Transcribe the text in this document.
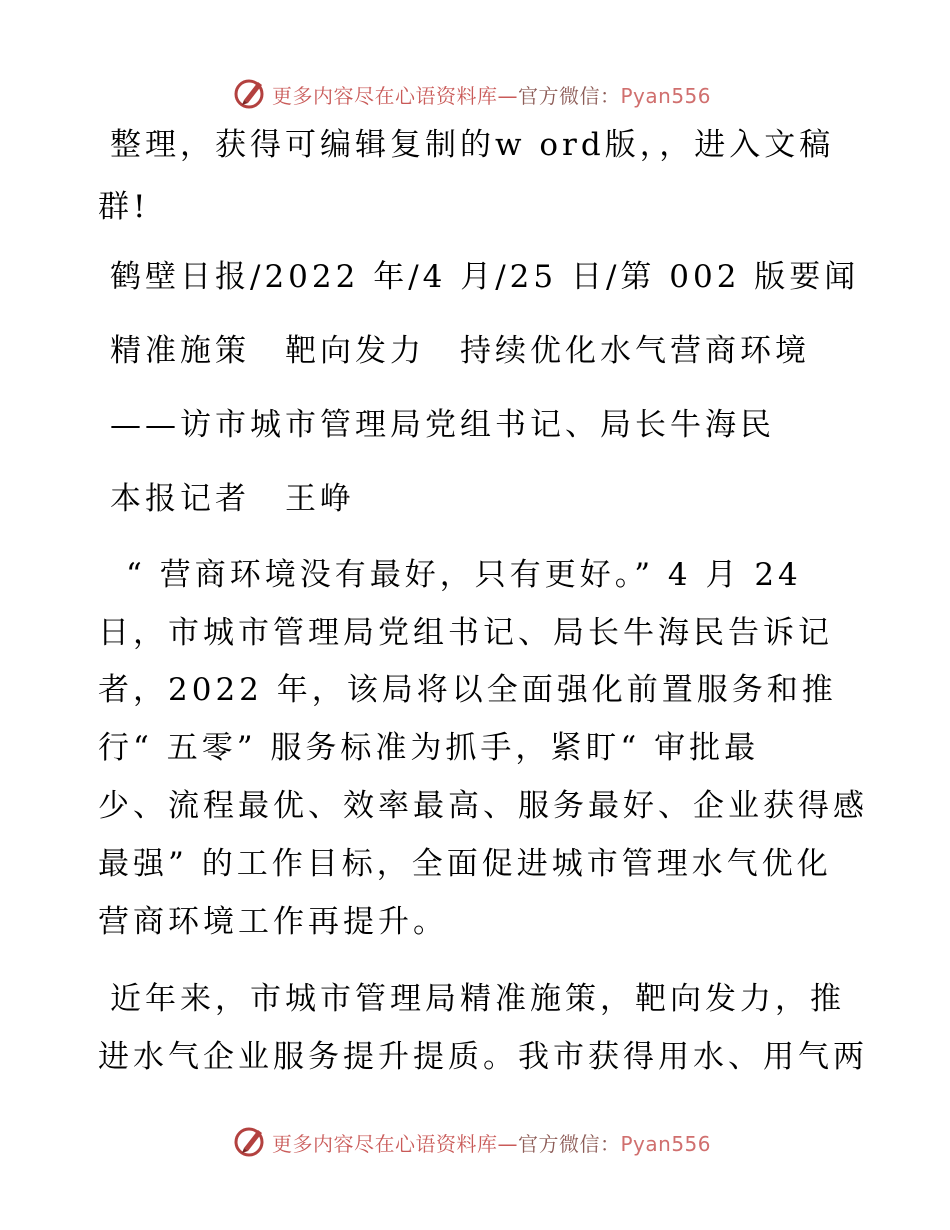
更多内容尽在心语资料库—官方微信：Pyan556
整理，获得可编辑复制的w ord版，，进入文稿
群!
鹤壁日报/2022 年/4 月/25 日/第 002 版要闻
精准施策　靶向发力　持续优化水气营商环境
——访市城市管理局党组书记、局长牛海民
本报记者　王峥
“ 营商环境没有最好，只有更好。” 4 月 24
日，市城市管理局党组书记、局长牛海民告诉记
者，2022 年，该局将以全面强化前置服务和推
行“ 五零” 服务标准为抓手，紧盯“ 审批最
少、流程最优、效率最高、服务最好、企业获得感
最强” 的工作目标，全面促进城市管理水气优化
营商环境工作再提升。
近年来，市城市管理局精准施策，靶向发力，推
进水气企业服务提升提质。我市获得用水、用气两
更多内容尽在心语资料库—官方微信：Pyan556
